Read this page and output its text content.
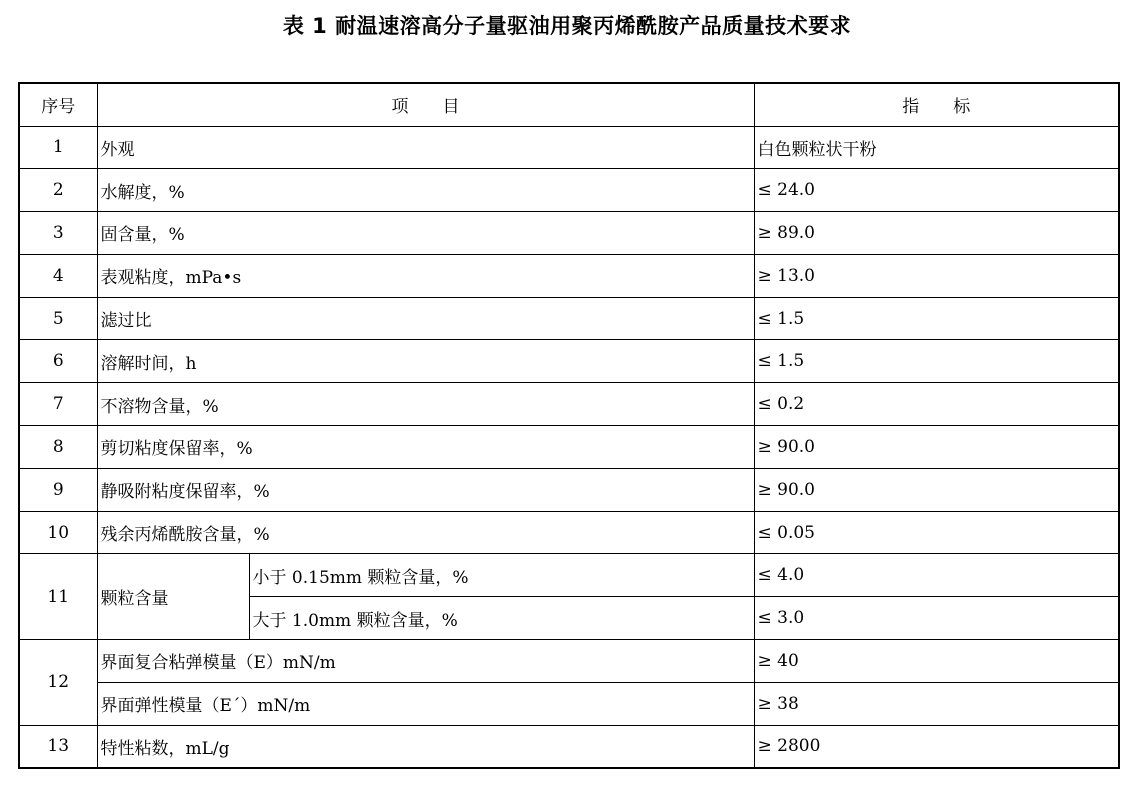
表 1 耐温速溶高分子量驱油用聚丙烯酰胺产品质量技术要求
序号	项　　目		指　　标
1	外观		白色颗粒状干粉
2	水解度，%		≤ 24.0
3	固含量，%		≥ 89.0
4	表观粘度，mPa•s		≥ 13.0
5	滤过比		≤ 1.5
6	溶解时间，h		≤ 1.5
7	不溶物含量，%		≤ 0.2
8	剪切粘度保留率，%		≥ 90.0
9	静吸附粘度保留率，%		≥ 90.0
10	残余丙烯酰胺含量，%		≤ 0.05
11	颗粒含量	小于 0.15mm 颗粒含量，%	≤ 4.0
		大于 1.0mm 颗粒含量，%	≤ 3.0
12	界面复合粘弹模量（E）mN/m		≥ 40
	界面弹性模量（E´）mN/m		≥ 38
13	特性粘数，mL/g		≥ 2800
